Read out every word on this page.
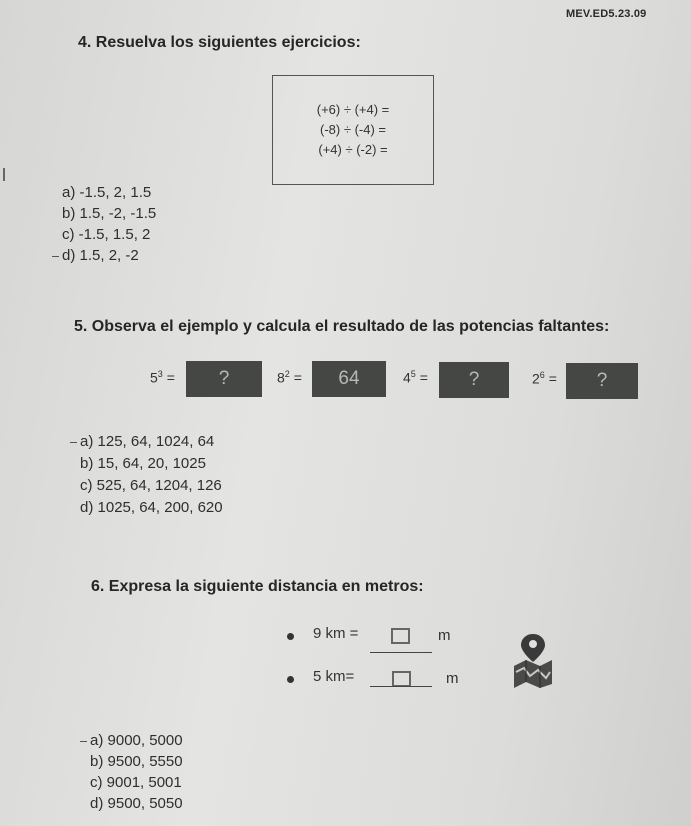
MEV.ED5.23.09
4. Resuelva los siguientes ejercicios:
(+6) ÷ (+4) =
(-8) ÷ (-4) =
(+4) ÷ (-2) =
a) -1.5, 2, 1.5
b) 1.5, -2, -1.5
c) -1.5, 1.5, 2
d) 1.5, 2, -2
5. Observa el ejemplo y calcula el resultado de las potencias faltantes:
$5^3$ =	?	$8^2$ =	64	$4^5$ =	?	$2^6$ =	?
a) 125, 64, 1024, 64
b) 15, 64, 20, 1025
c) 525, 64, 1204, 126
d) 1025, 64, 200, 620
6. Expresa la siguiente distancia en metros:
9 km =	m
5 km=	m
a) 9000, 5000
b) 9500, 5550
c) 9001, 5001
d) 9500, 5050
